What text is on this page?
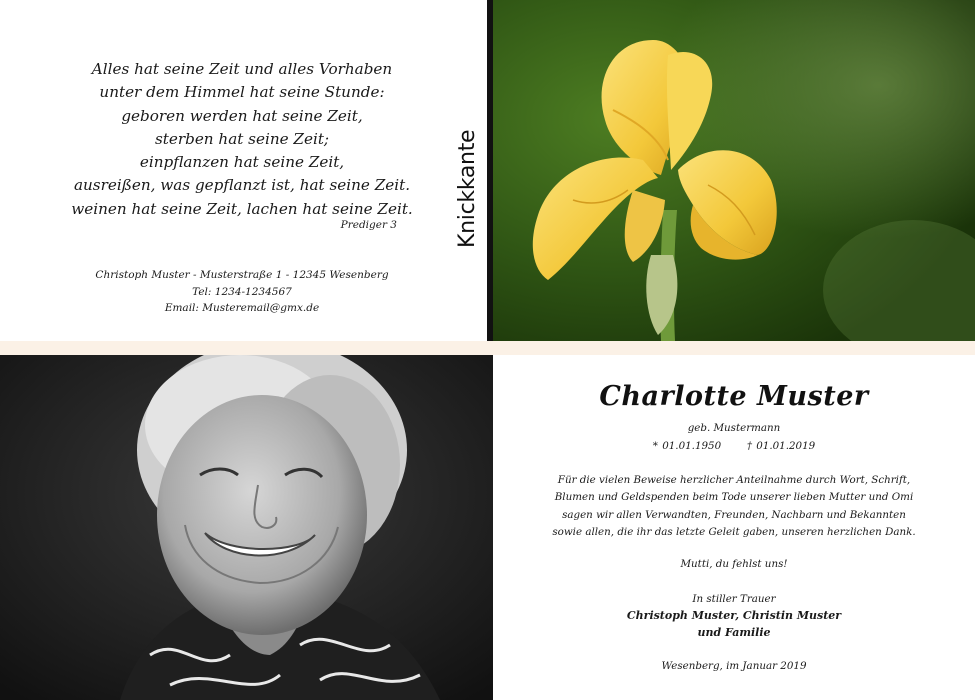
Alles hat seine Zeit und alles Vorhaben
unter dem Himmel hat seine Stunde:
geboren werden hat seine Zeit,
sterben hat seine Zeit;
einpflanzen hat seine Zeit,
ausreißen, was gepflanzt ist, hat seine Zeit.
weinen hat seine Zeit, lachen hat seine Zeit.
Prediger 3
Christoph Muster - Musterstraße 1 - 12345 Wesenberg
Tel: 1234-1234567
Email: Musteremail@gmx.de
Knickkante
Charlotte Muster
geb. Mustermann
* 01.01.1950 † 01.01.2019
Für die vielen Beweise herzlicher Anteilnahme durch Wort, Schrift,
Blumen und Geldspenden beim Tode unserer lieben Mutter und Omi
sagen wir allen Verwandten, Freunden, Nachbarn und Bekannten
sowie allen, die ihr das letzte Geleit gaben, unseren herzlichen Dank.
Mutti, du fehlst uns!
In stiller Trauer
Christoph Muster, Christin Muster
und Familie
Wesenberg, im Januar 2019
